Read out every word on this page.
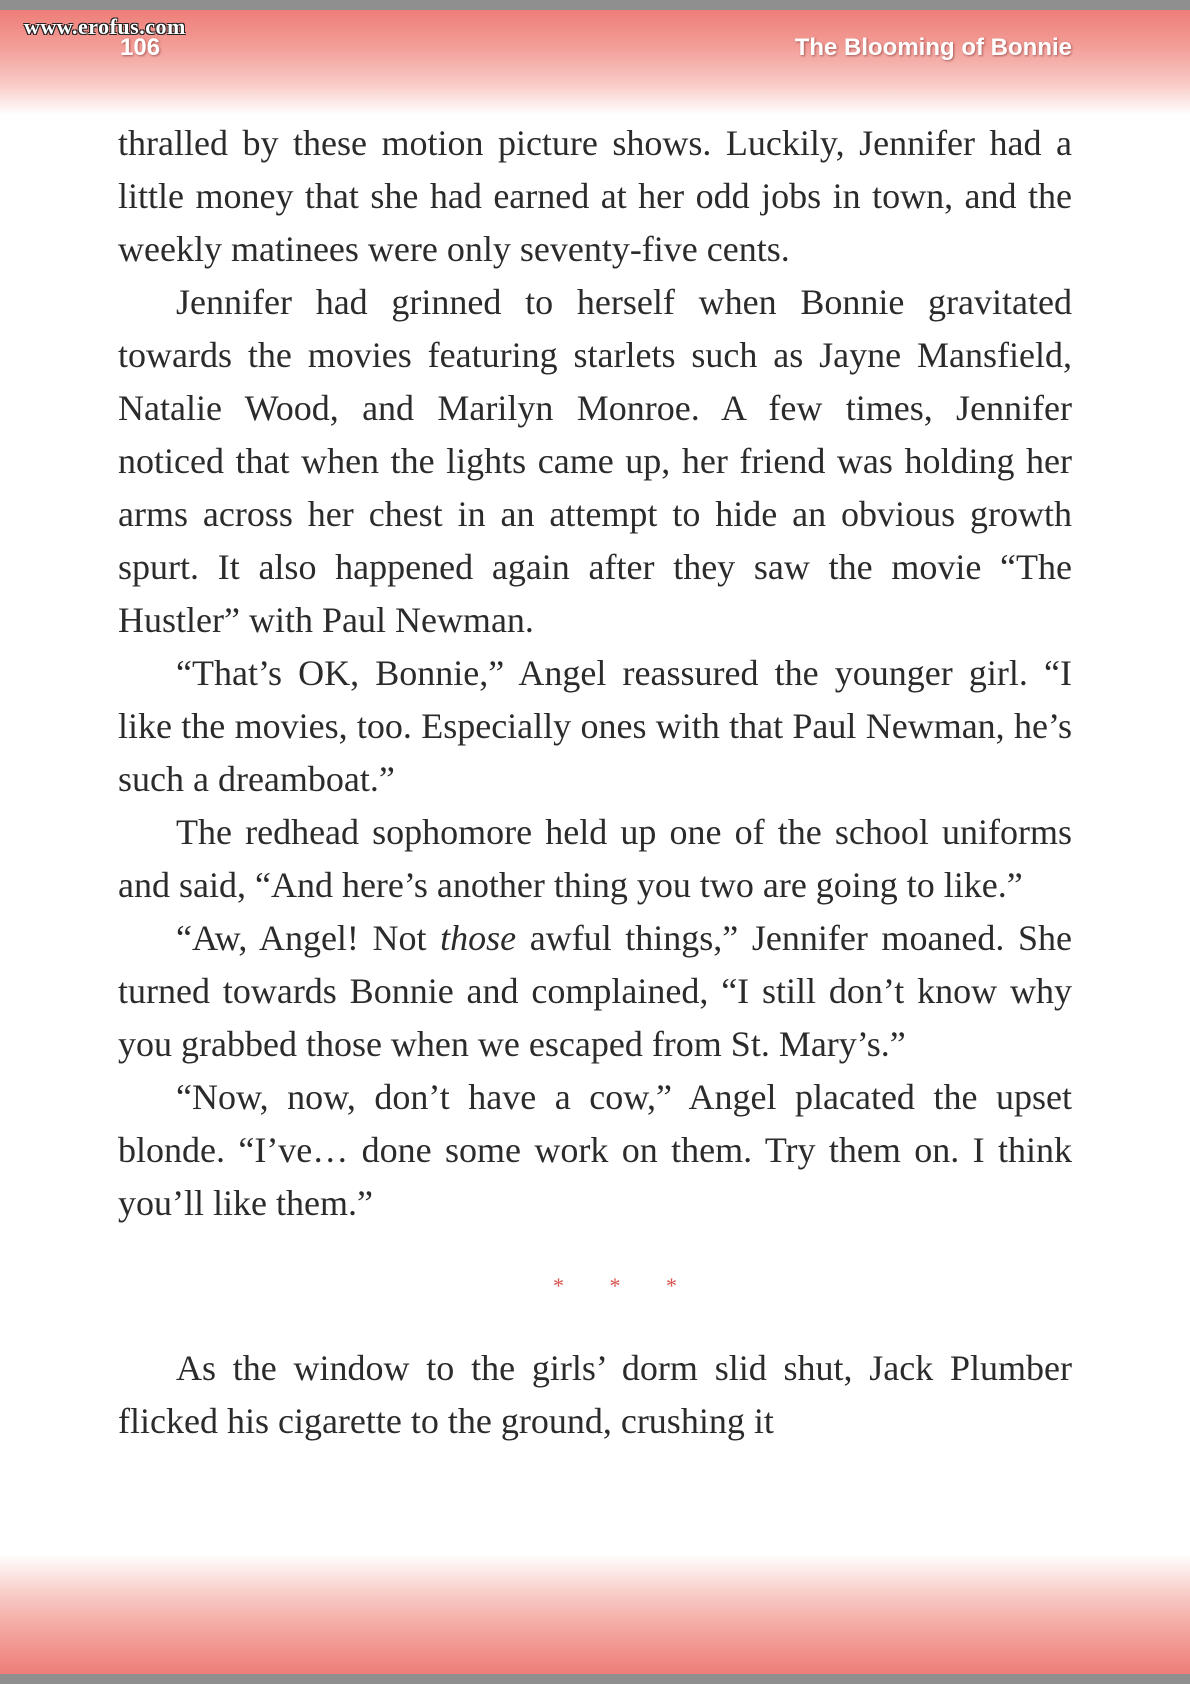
www.erofus.com
106	The Blooming of Bonnie

thralled by these motion picture shows. Luckily, Jennifer had a little money that she had earned at her odd jobs in town, and the weekly matinees were only seventy-five cents.

Jennifer had grinned to herself when Bonnie gravitated towards the movies featuring starlets such as Jayne Mansfield, Natalie Wood, and Marilyn Monroe. A few times, Jennifer noticed that when the lights came up, her friend was holding her arms across her chest in an attempt to hide an obvious growth spurt. It also happened again after they saw the movie “The Hustler” with Paul Newman.

“That’s OK, Bonnie,” Angel reassured the younger girl. “I like the movies, too. Especially ones with that Paul Newman, he’s such a dreamboat.”

The redhead sophomore held up one of the school uniforms and said, “And here’s another thing you two are going to like.”

“Aw, Angel! Not those awful things,” Jennifer moaned. She turned towards Bonnie and complained, “I still don’t know why you grabbed those when we escaped from St. Mary’s.”

“Now, now, don’t have a cow,” Angel placated the upset blonde. “I’ve… done some work on them. Try them on. I think you’ll like them.”

* * *

As the window to the girls’ dorm slid shut, Jack Plumber flicked his cigarette to the ground, crushing it
